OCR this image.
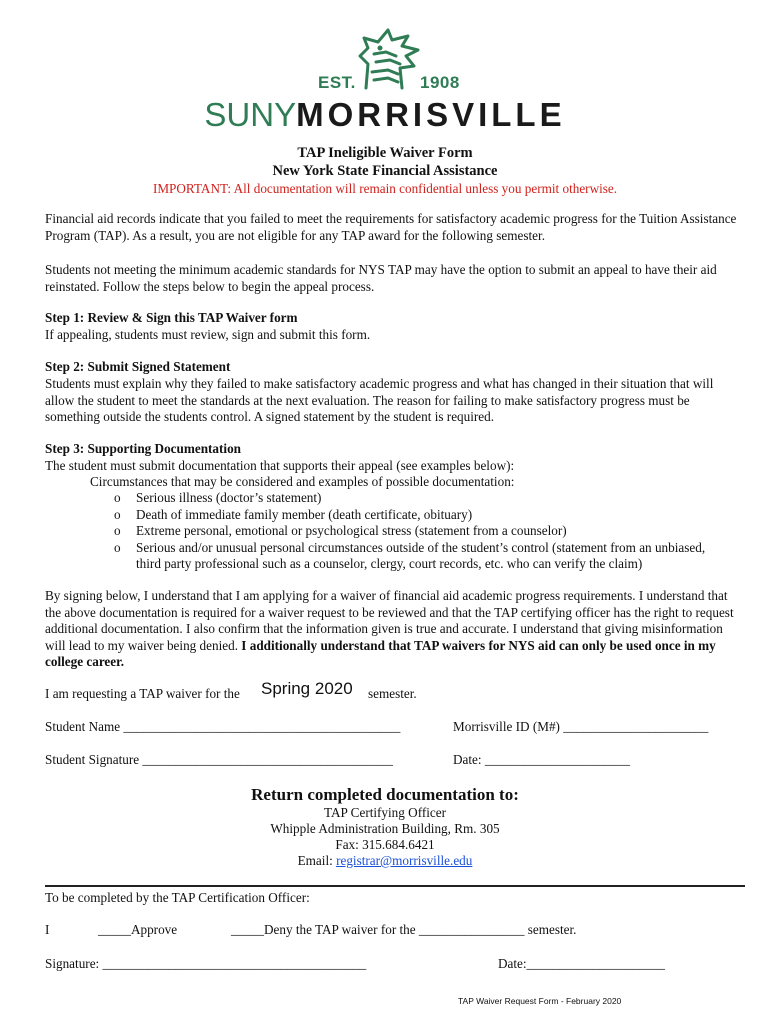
EST.	1908
SUNYMORRISVILLE
TAP Ineligible Waiver Form
New York State Financial Assistance
IMPORTANT: All documentation will remain confidential unless you permit otherwise.
Financial aid records indicate that you failed to meet the requirements for satisfactory academic progress for the Tuition Assistance Program (TAP). As a result, you are not eligible for any TAP award for the following semester.
Students not meeting the minimum academic standards for NYS TAP may have the option to submit an appeal to have their aid reinstated. Follow the steps below to begin the appeal process.
Step 1: Review & Sign this TAP Waiver form
If appealing, students must review, sign and submit this form.
Step 2: Submit Signed Statement
Students must explain why they failed to make satisfactory academic progress and what has changed in their situation that will allow the student to meet the standards at the next evaluation. The reason for failing to make satisfactory progress must be something outside the students control. A signed statement by the student is required.
Step 3: Supporting Documentation
The student must submit documentation that supports their appeal (see examples below):
Circumstances that may be considered and examples of possible documentation:
o Serious illness (doctor’s statement)
o Death of immediate family member (death certificate, obituary)
o Extreme personal, emotional or psychological stress (statement from a counselor)
o Serious and/or unusual personal circumstances outside of the student’s control (statement from an unbiased, third party professional such as a counselor, clergy, court records, etc. who can verify the claim)
By signing below, I understand that I am applying for a waiver of financial aid academic progress requirements. I understand that the above documentation is required for a waiver request to be reviewed and that the TAP certifying officer has the right to request additional documentation. I also confirm that the information given is true and accurate. I understand that giving misinformation will lead to my waiver being denied. I additionally understand that TAP waivers for NYS aid can only be used once in my college career.
I am requesting a TAP waiver for the Spring 2020 semester.
Student Name __________________________________________	Morrisville ID (M#) ______________________
Student Signature ______________________________________	Date: ______________________
Return completed documentation to:
TAP Certifying Officer
Whipple Administration Building, Rm. 305
Fax: 315.684.6421
Email: registrar@morrisville.edu
To be completed by the TAP Certification Officer:
I	_____Approve	_____Deny the TAP waiver for the ________________ semester.
Signature: ________________________________________	Date:_____________________
TAP Waiver Request Form - February 2020
